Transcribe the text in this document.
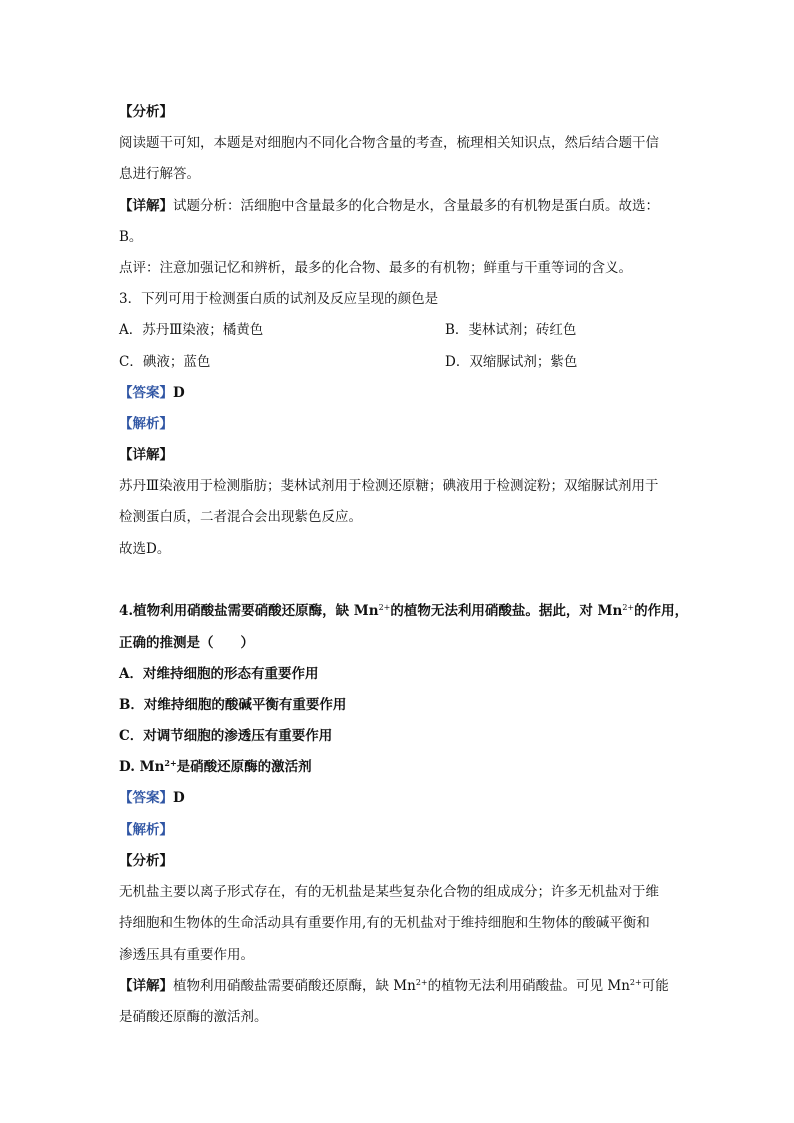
【分析】
阅读题干可知，本题是对细胞内不同化合物含量的考查，梳理相关知识点，然后结合题干信
息进行解答。
【详解】试题分析：活细胞中含量最多的化合物是水，含量最多的有机物是蛋白质。故选：
B。
点评：注意加强记忆和辨析，最多的化合物、最多的有机物；鲜重与干重等词的含义。
3．下列可用于检测蛋白质的试剂及反应呈现的颜色是
A．苏丹Ⅲ染液；橘黄色	B．斐林试剂；砖红色
C．碘液；蓝色	D．双缩脲试剂；紫色
【答案】D
【解析】
【详解】
苏丹Ⅲ染液用于检测脂肪；斐林试剂用于检测还原糖；碘液用于检测淀粉；双缩脲试剂用于
检测蛋白质，二者混合会出现紫色反应。
故选D。
4.植物利用硝酸盐需要硝酸还原酶，缺 $Mn^{2+}$的植物无法利用硝酸盐。据此，对 $Mn^{2+}$的作用，
正确的推测是（　　）
A．对维持细胞的形态有重要作用
B．对维持细胞的酸碱平衡有重要作用
C．对调节细胞的渗透压有重要作用
D. $Mn^{2+}$是硝酸还原酶的激活剂
【答案】D
【解析】
【分析】
无机盐主要以离子形式存在，有的无机盐是某些复杂化合物的组成成分；许多无机盐对于维
持细胞和生物体的生命活动具有重要作用,有的无机盐对于维持细胞和生物体的酸碱平衡和
渗透压具有重要作用。
【详解】植物利用硝酸盐需要硝酸还原酶，缺 $Mn^{2+}$的植物无法利用硝酸盐。可见 $Mn^{2+}$可能
是硝酸还原酶的激活剂。
